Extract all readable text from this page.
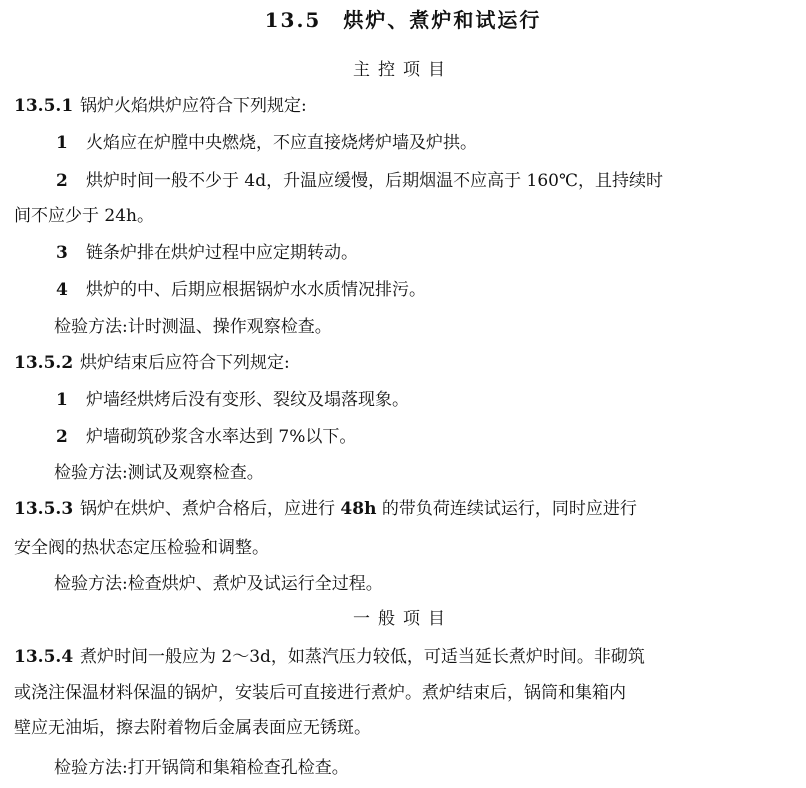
13.5 烘炉、煮炉和试运行
主控项目
13.5.1 锅炉火焰烘炉应符合下列规定:
1 火焰应在炉膛中央燃烧，不应直接烧烤炉墙及炉拱。
2 烘炉时间一般不少于 4d，升温应缓慢，后期烟温不应高于 160℃，且持续时
间不应少于 24h。
3 链条炉排在烘炉过程中应定期转动。
4 烘炉的中、后期应根据锅炉水水质情况排污。
检验方法:计时测温、操作观察检查。
13.5.2 烘炉结束后应符合下列规定:
1 炉墙经烘烤后没有变形、裂纹及塌落现象。
2 炉墙砌筑砂浆含水率达到 7%以下。
检验方法:测试及观察检查。
13.5.3 锅炉在烘炉、煮炉合格后，应进行 48h 的带负荷连续试运行，同时应进行
安全阀的热状态定压检验和调整。
检验方法:检查烘炉、煮炉及试运行全过程。
一般项目
13.5.4 煮炉时间一般应为 2～3d，如蒸汽压力较低，可适当延长煮炉时间。非砌筑
或浇注保温材料保温的锅炉，安装后可直接进行煮炉。煮炉结束后，锅筒和集箱内
壁应无油垢，擦去附着物后金属表面应无锈斑。
检验方法:打开锅筒和集箱检查孔检查。
